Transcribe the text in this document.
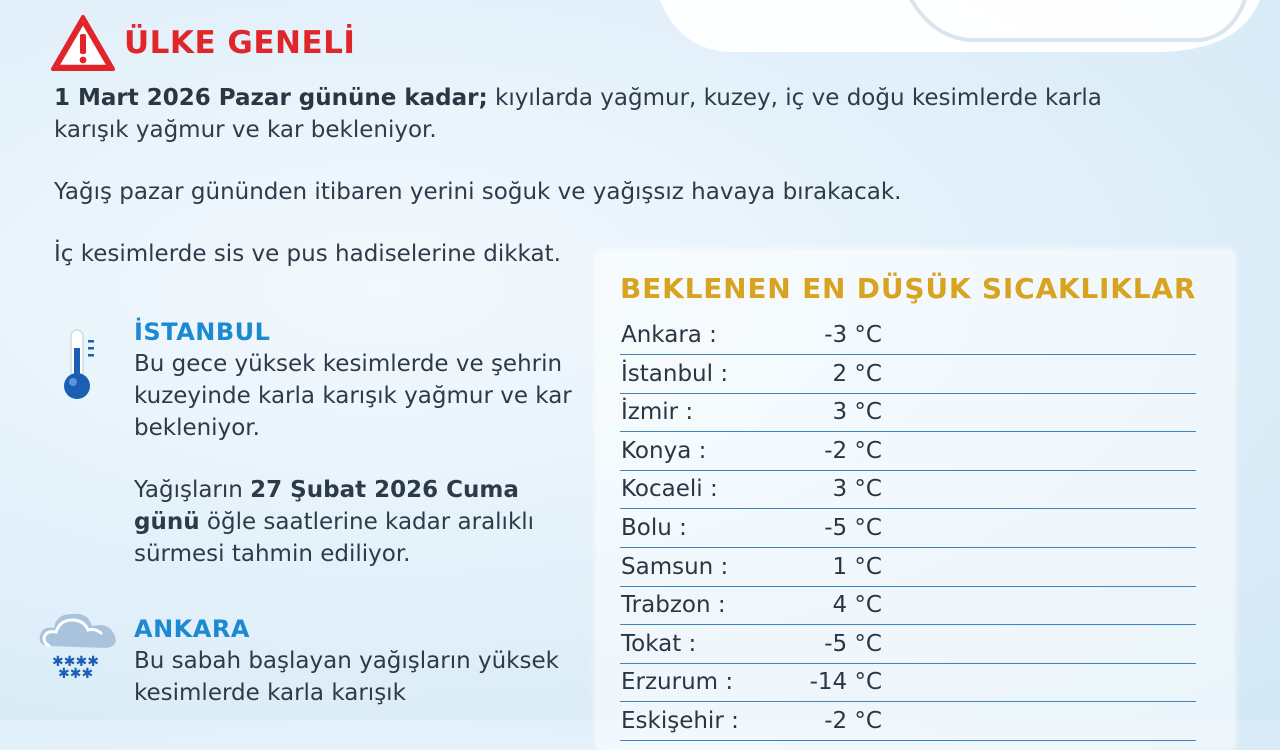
ÜLKE GENELİ

1 Mart 2026 Pazar gününe kadar; kıyılarda yağmur, kuzey, iç ve doğu kesimlerde karla karışık yağmur ve kar bekleniyor.

Yağış pazar gününden itibaren yerini soğuk ve yağışsız havaya bırakacak.

İç kesimlerde sis ve pus hadiselerine dikkat.

İSTANBUL

Bu gece yüksek kesimlerde ve şehrin kuzeyinde karla karışık yağmur ve kar bekleniyor.

Yağışların 27 Şubat 2026 Cuma günü öğle saatlerine kadar aralıklı sürmesi tahmin ediliyor.

✱✱✱✱
✱✱✱
ANKARA

Bu sabah başlayan yağışların yüksek kesimlerde karla karışık

BEKLENEN EN DÜŞÜK SICAKLIKLAR
Ankara :	-3 °C
İstanbul :	2 °C
İzmir :	3 °C
Konya :	-2 °C
Kocaeli :	3 °C
Bolu :	-5 °C
Samsun :	1 °C
Trabzon :	4 °C
Tokat :	-5 °C
Erzurum :	-14 °C
Eskişehir :	-2 °C
